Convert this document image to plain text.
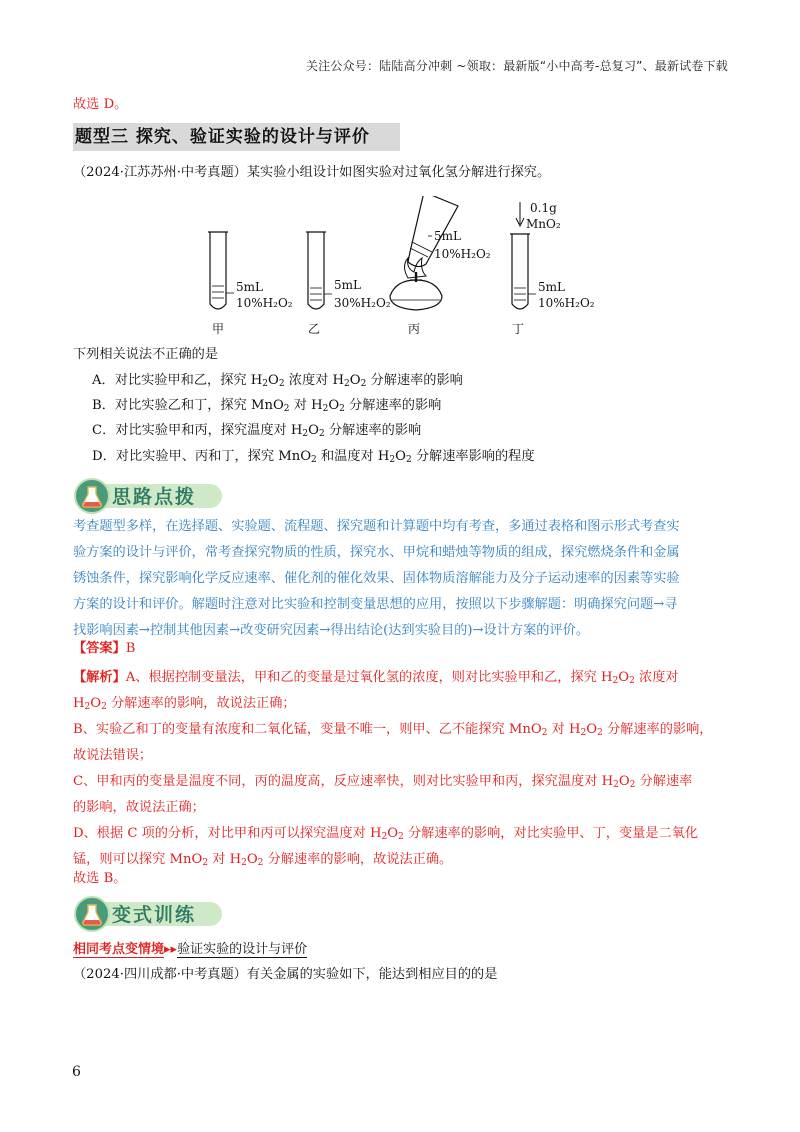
关注公众号：陆陆高分冲刺 ~领取：最新版“小中高考-总复习”、最新试卷下载
故选 D。
题型三 探究、验证实验的设计与评价
（2024·江苏苏州·中考真题）某实验小组设计如图实验对过氧化氢分解进行探究。
5mL
10%H₂O₂
甲
5mL
30%H₂O₂
乙
5mL
10%H₂O₂
丙
0.1g
MnO₂
5mL
10%H₂O₂
丁
下列相关说法不正确的是
A．对比实验甲和乙，探究 $H_2O_2$ 浓度对 $H_2O_2$ 分解速率的影响
B．对比实验乙和丁，探究 MnO$_2$ 对 $H_2O_2$ 分解速率的影响
C．对比实验甲和丙，探究温度对 $H_2O_2$ 分解速率的影响
D．对比实验甲、丙和丁，探究 MnO$_2$ 和温度对 $H_2O_2$ 分解速率影响的程度
思路点拨
考查题型多样，在选择题、实验题、流程题、探究题和计算题中均有考查，多通过表格和图示形式考查实
验方案的设计与评价，常考查探究物质的性质，探究水、甲烷和蜡烛等物质的组成，探究燃烧条件和金属
锈蚀条件，探究影响化学反应速率、催化剂的催化效果、固体物质溶解能力及分子运动速率的因素等实验
方案的设计和评价。解题时注意对比实验和控制变量思想的应用，按照以下步骤解题：明确探究问题→寻
找影响因素→控制其他因素→改变研究因素→得出结论(达到实验目的)→设计方案的评价。
【答案】B
【解析】A、根据控制变量法，甲和乙的变量是过氧化氢的浓度，则对比实验甲和乙，探究 $H_2O_2$ 浓度对
$H_2O_2$ 分解速率的影响，故说法正确；
B、实验乙和丁的变量有浓度和二氧化锰，变量不唯一，则甲、乙不能探究 MnO$_2$ 对 $H_2O_2$ 分解速率的影响，
故说法错误；
C、甲和丙的变量是温度不同，丙的温度高，反应速率快，则对比实验甲和丙，探究温度对 $H_2O_2$ 分解速率
的影响，故说法正确；
D、根据 C 项的分析，对比甲和丙可以探究温度对 $H_2O_2$ 分解速率的影响，对比实验甲、丁，变量是二氧化
锰，则可以探究 MnO$_2$ 对 $H_2O_2$ 分解速率的影响，故说法正确。
故选 B。
变式训练
相同考点变情境▸▸验证实验的设计与评价
（2024·四川成都·中考真题）有关金属的实验如下，能达到相应目的的是
6
